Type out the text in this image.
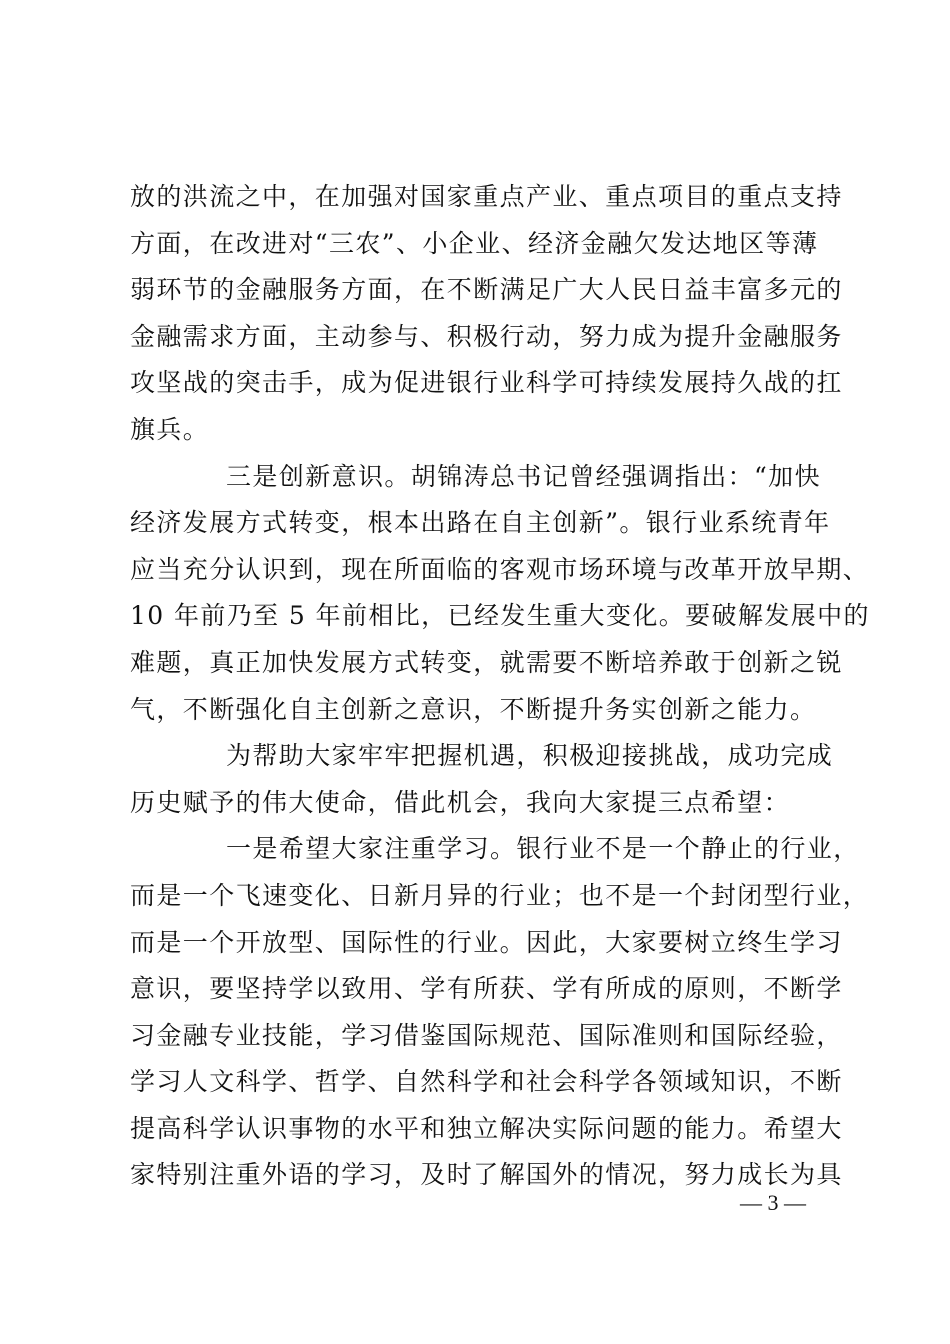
放的洪流之中，在加强对国家重点产业、重点项目的重点支持
方面，在改进对“三农”、小企业、经济金融欠发达地区等薄
弱环节的金融服务方面，在不断满足广大人民日益丰富多元的
金融需求方面，主动参与、积极行动，努力成为提升金融服务
攻坚战的突击手，成为促进银行业科学可持续发展持久战的扛
旗兵。
三是创新意识。胡锦涛总书记曾经强调指出：“加快
经济发展方式转变，根本出路在自主创新”。银行业系统青年
应当充分认识到，现在所面临的客观市场环境与改革开放早期、
10 年前乃至 5 年前相比，已经发生重大变化。要破解发展中的
难题，真正加快发展方式转变，就需要不断培养敢于创新之锐
气，不断强化自主创新之意识，不断提升务实创新之能力。
为帮助大家牢牢把握机遇，积极迎接挑战，成功完成
历史赋予的伟大使命，借此机会，我向大家提三点希望：
一是希望大家注重学习。银行业不是一个静止的行业，
而是一个飞速变化、日新月异的行业；也不是一个封闭型行业，
而是一个开放型、国际性的行业。因此，大家要树立终生学习
意识，要坚持学以致用、学有所获、学有所成的原则，不断学
习金融专业技能，学习借鉴国际规范、国际准则和国际经验，
学习人文科学、哲学、自然科学和社会科学各领域知识，不断
提高科学认识事物的水平和独立解决实际问题的能力。希望大
家特别注重外语的学习，及时了解国外的情况，努力成长为具
— 3 —
